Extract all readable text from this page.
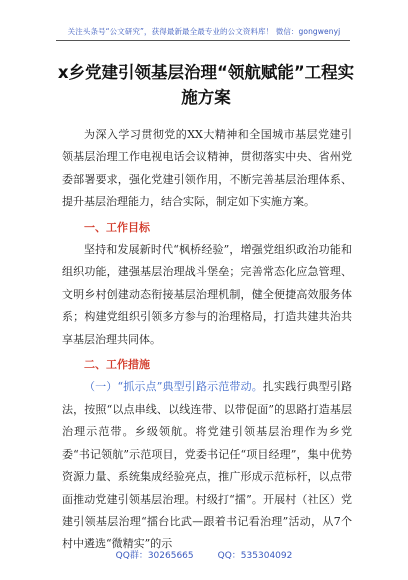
关注头条号“公文研究”，获得最新最全最专业的公文资料库！ 微信：gongwenyj
x乡党建引领基层治理“领航赋能”工程实
施方案

为深入学习贯彻党的XX大精神和全国城市基层党建引领基层治理工作电视电话会议精神，贯彻落实中央、省州党委部署要求，强化党建引领作用，不断完善基层治理体系、提升基层治理能力，结合实际，制定如下实施方案。

一、工作目标

坚持和发展新时代“枫桥经验”，增强党组织政治功能和组织功能，建强基层治理战斗堡垒；完善常态化应急管理、文明乡村创建动态衔接基层治理机制，健全便捷高效服务体系；构建党组织引领多方参与的治理格局，打造共建共治共享基层治理共同体。

二、工作措施

（一）“抓示点”典型引路示范带动。扎实践行典型引路法，按照“以点串线、以线连带、以带促面”的思路打造基层治理示范带。乡级领航。将党建引领基层治理作为乡党委“书记领航”示范项目，党委书记任“项目经理”，集中优势资源力量、系统集成经验亮点，推广形成示范标杆，以点带面推动党建引领基层治理。村级打“擂”。开展村（社区）党建引领基层治理“擂台比武—跟着书记看治理”活动，从7个村中遴选“微精实”的示

QQ群：30265665	QQ：535304092
